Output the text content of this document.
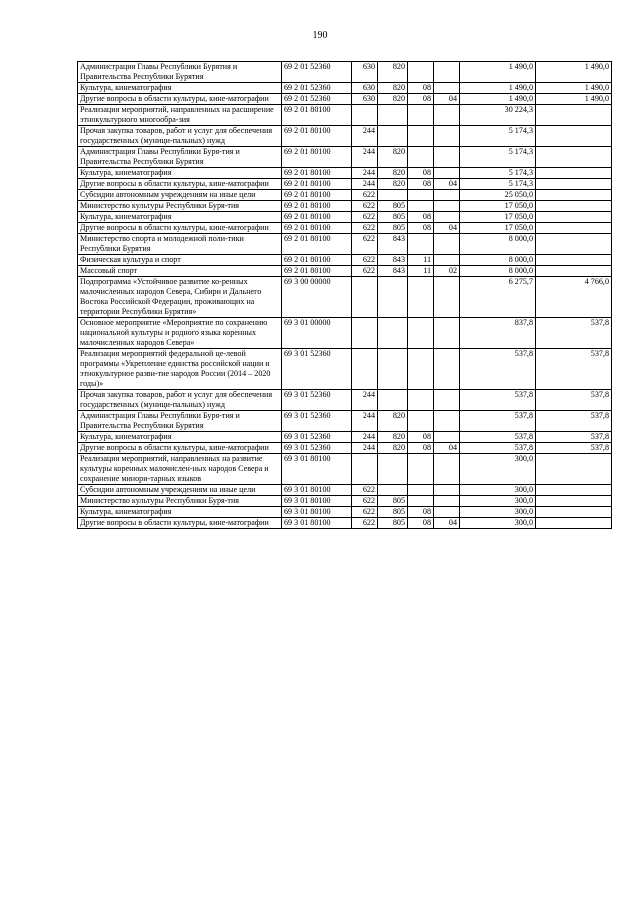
190
Администрация Главы Республики Бурятия и Правительства Республики Бурятия	69 2 01 52360	630	820			1 490,0	1 490,0
Культура, кинематография	69 2 01 52360	630	820	08		1 490,0	1 490,0
Другие вопросы в области культуры, кине-матографии	69 2 01 52360	630	820	08	04	1 490,0	1 490,0
Реализация мероприятий, направленных на расширение этнокультурного многообра-зия	69 2 01 80100					30 224,3	
Прочая закупка товаров, работ и услуг для обеспечения государственных (муници-пальных) нужд	69 2 01 80100	244				5 174,3	
Администрация Главы Республики Буря-тия и Правительства Республики Бурятия	69 2 01 80100	244	820			5 174,3	
Культура, кинематография	69 2 01 80100	244	820	08		5 174,3	
Другие вопросы в области культуры, кине-матографии	69 2 01 80100	244	820	08	04	5 174,3	
Субсидии автономным учреждениям на иные цели	69 2 01 80100	622				25 050,0	
Министерство культуры Республики Буря-тия	69 2 01 80100	622	805			17 050,0	
Культура, кинематография	69 2 01 80100	622	805	08		17 050,0	
Другие вопросы в области культуры, кине-матографии	69 2 01 80100	622	805	08	04	17 050,0	
Министерство спорта и молодежной поли-тики Республики Бурятия	69 2 01 80100	622	843			8 000,0	
Физическая культура и спорт	69 2 01 80100	622	843	11		8 000,0	
Массовый спорт	69 2 01 80100	622	843	11	02	8 000,0	
Подпрограмма «Устойчивое развитие ко-ренных малочисленных народов Севера, Сибири и Дальнего Востока Российской Федерации, проживающих на территории Республики Бурятия»	69 3 00 00000					6 275,7	4 766,0
Основное мероприятие «Мероприятие по сохранению национальной культуры и родного языка коренных малочисленных народов Севера»	69 3 01 00000					837,8	537,8
Реализация мероприятий федеральной це-левой программы «Укрепление единства российской нации и этнокультурное разви-тие народов России (2014 – 2020 годы)»	69 3 01 52360					537,8	537,8
Прочая закупка товаров, работ и услуг для обеспечения государственных (муници-пальных) нужд	69 3 01 52360	244				537,8	537,8
Администрация Главы Республики Буря-тия и Правительства Республики Бурятия	69 3 01 52360	244	820			537,8	537,8
Культура, кинематография	69 3 01 52360	244	820	08		537,8	537,8
Другие вопросы в области культуры, кине-матографии	69 3 01 52360	244	820	08	04	537,8	537,8
Реализация мероприятий, направленных на развитие культуры коренных малочислен-ных народов Севера и сохранение минори-тарных языков	69 3 01 80100					300,0	
Субсидии автономным учреждениям на иные цели	69 3 01 80100	622				300,0	
Министерство культуры Республики Буря-тия	69 3 01 80100	622	805			300,0	
Культура, кинематография	69 3 01 80100	622	805	08		300,0	
Другие вопросы в области культуры, кине-матографии	69 3 01 80100	622	805	08	04	300,0	
